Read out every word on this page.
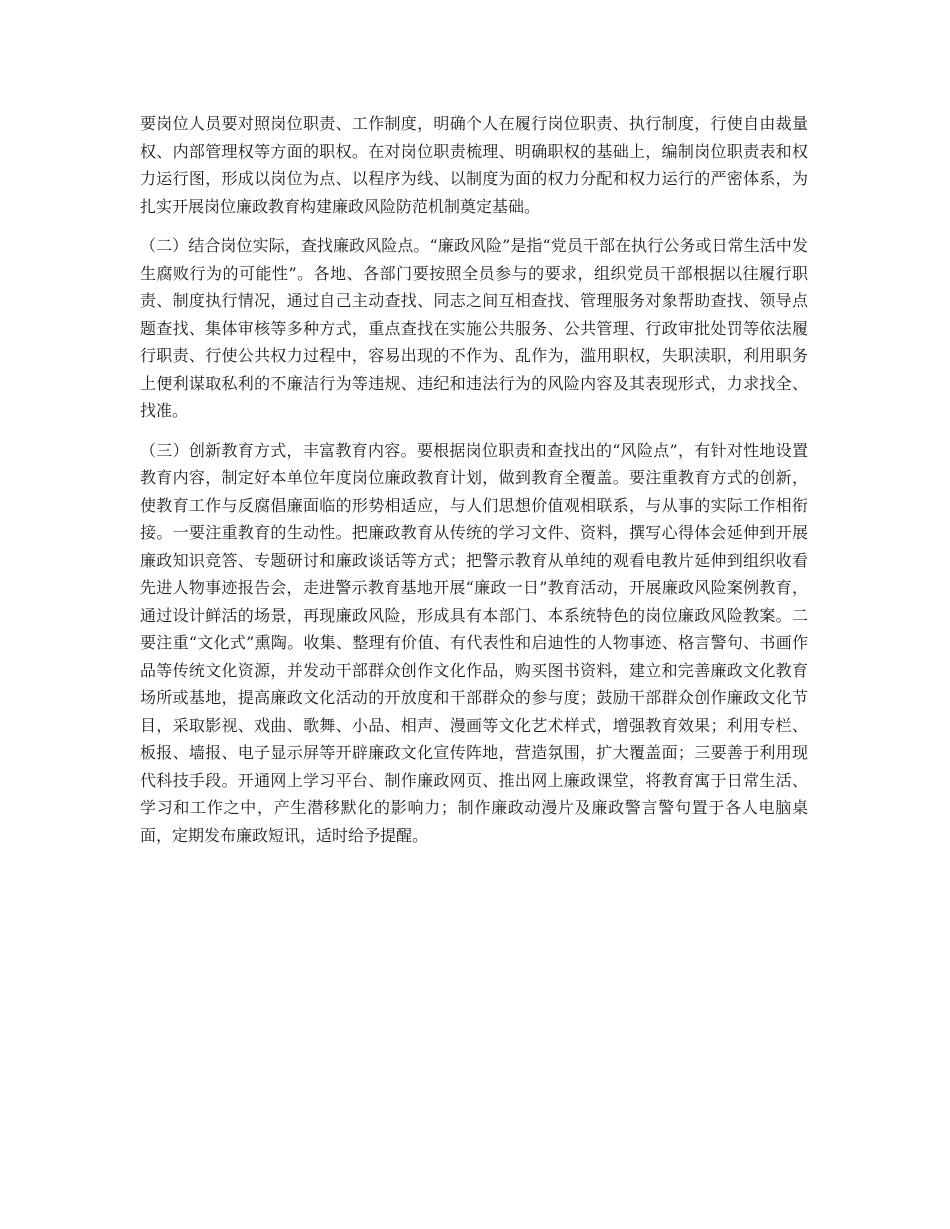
要岗位人员要对照岗位职责、工作制度，明确个人在履行岗位职责、执行制度，行使自由裁量权、内部管理权等方面的职权。在对岗位职责梳理、明确职权的基础上，编制岗位职责表和权力运行图，形成以岗位为点、以程序为线、以制度为面的权力分配和权力运行的严密体系，为扎实开展岗位廉政教育构建廉政风险防范机制奠定基础。

（二）结合岗位实际，查找廉政风险点。“廉政风险”是指“党员干部在执行公务或日常生活中发生腐败行为的可能性”。各地、各部门要按照全员参与的要求，组织党员干部根据以往履行职责、制度执行情况，通过自己主动查找、同志之间互相查找、管理服务对象帮助查找、领导点题查找、集体审核等多种方式，重点查找在实施公共服务、公共管理、行政审批处罚等依法履行职责、行使公共权力过程中，容易出现的不作为、乱作为，滥用职权，失职渎职，利用职务上便利谋取私利的不廉洁行为等违规、违纪和违法行为的风险内容及其表现形式，力求找全、找准。

（三）创新教育方式，丰富教育内容。要根据岗位职责和查找出的“风险点”，有针对性地设置教育内容，制定好本单位年度岗位廉政教育计划，做到教育全覆盖。要注重教育方式的创新，使教育工作与反腐倡廉面临的形势相适应，与人们思想价值观相联系，与从事的实际工作相衔接。一要注重教育的生动性。把廉政教育从传统的学习文件、资料，撰写心得体会延伸到开展廉政知识竞答、专题研讨和廉政谈话等方式；把警示教育从单纯的观看电教片延伸到组织收看先进人物事迹报告会，走进警示教育基地开展“廉政一日”教育活动，开展廉政风险案例教育，通过设计鲜活的场景，再现廉政风险，形成具有本部门、本系统特色的岗位廉政风险教案。二要注重“文化式”熏陶。收集、整理有价值、有代表性和启迪性的人物事迹、格言警句、书画作品等传统文化资源，并发动干部群众创作文化作品，购买图书资料，建立和完善廉政文化教育场所或基地，提高廉政文化活动的开放度和干部群众的参与度；鼓励干部群众创作廉政文化节目，采取影视、戏曲、歌舞、小品、相声、漫画等文化艺术样式，增强教育效果；利用专栏、板报、墙报、电子显示屏等开辟廉政文化宣传阵地，营造氛围，扩大覆盖面；三要善于利用现代科技手段。开通网上学习平台、制作廉政网页、推出网上廉政课堂，将教育寓于日常生活、学习和工作之中，产生潜移默化的影响力；制作廉政动漫片及廉政警言警句置于各人电脑桌面，定期发布廉政短讯，适时给予提醒。
